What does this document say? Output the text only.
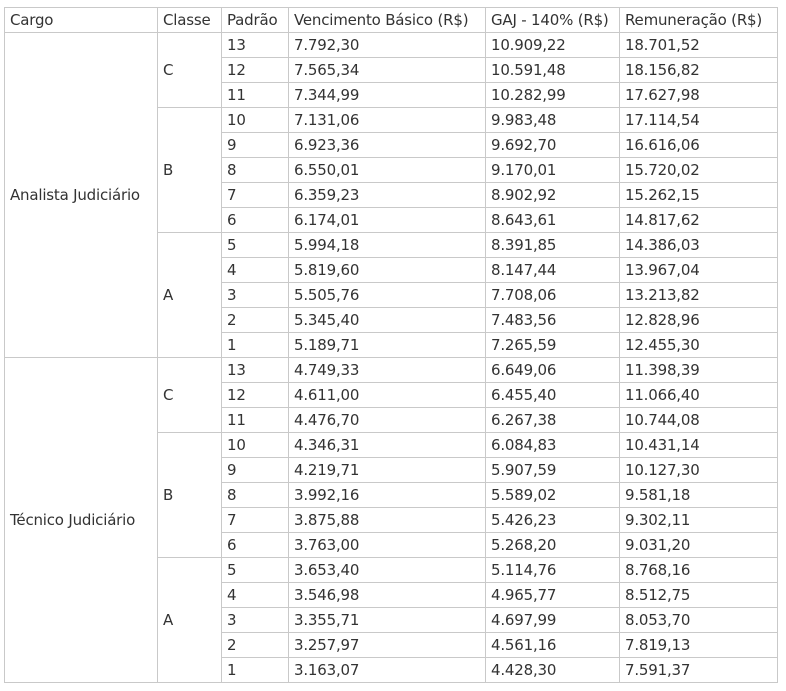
Cargo	Classe	Padrão	Vencimento Básico (R$)	GAJ - 140% (R$)	Remuneração (R$)
Analista Judiciário	C	13	7.792,30	10.909,22	18.701,52
		12	7.565,34	10.591,48	18.156,82
		11	7.344,99	10.282,99	17.627,98
	B	10	7.131,06	9.983,48	17.114,54
		9	6.923,36	9.692,70	16.616,06
		8	6.550,01	9.170,01	15.720,02
		7	6.359,23	8.902,92	15.262,15
		6	6.174,01	8.643,61	14.817,62
	A	5	5.994,18	8.391,85	14.386,03
		4	5.819,60	8.147,44	13.967,04
		3	5.505,76	7.708,06	13.213,82
		2	5.345,40	7.483,56	12.828,96
		1	5.189,71	7.265,59	12.455,30
Técnico Judiciário	C	13	4.749,33	6.649,06	11.398,39
		12	4.611,00	6.455,40	11.066,40
		11	4.476,70	6.267,38	10.744,08
	B	10	4.346,31	6.084,83	10.431,14
		9	4.219,71	5.907,59	10.127,30
		8	3.992,16	5.589,02	9.581,18
		7	3.875,88	5.426,23	9.302,11
		6	3.763,00	5.268,20	9.031,20
	A	5	3.653,40	5.114,76	8.768,16
		4	3.546,98	4.965,77	8.512,75
		3	3.355,71	4.697,99	8.053,70
		2	3.257,97	4.561,16	7.819,13
		1	3.163,07	4.428,30	7.591,37
